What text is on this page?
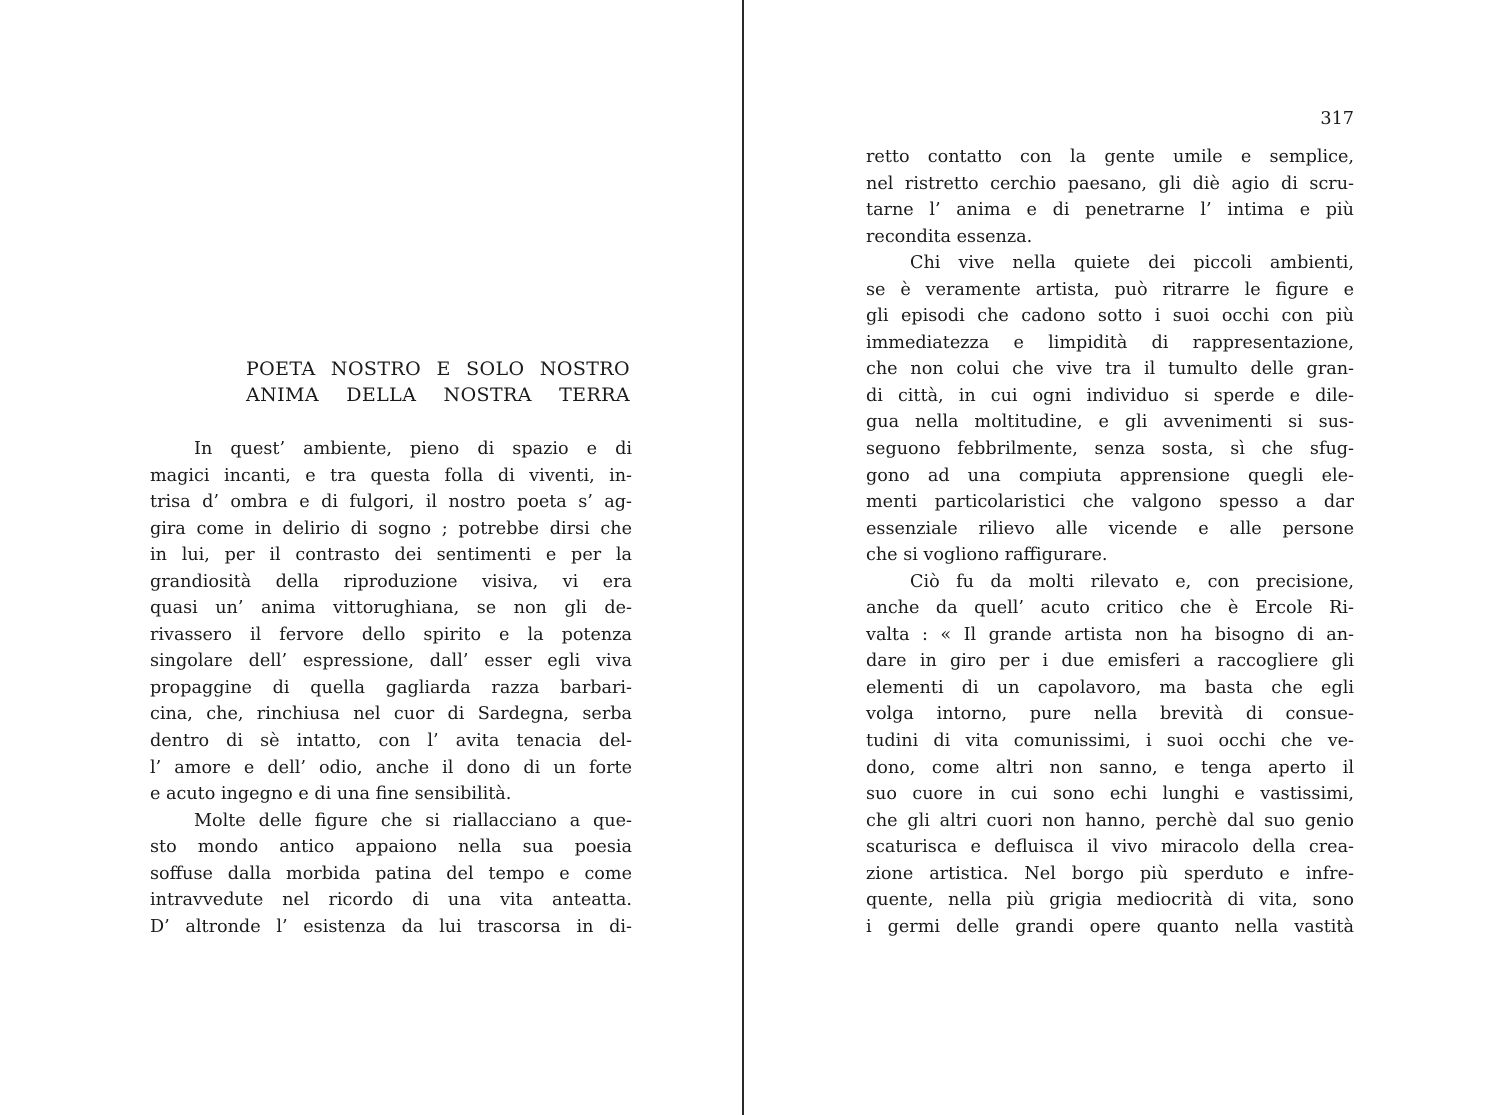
POETA NOSTRO E SOLO NOSTRO
ANIMA DELLA NOSTRA TERRA
In quest’ ambiente, pieno di spazio e di
magici incanti, e tra questa folla di viventi, in-
trisa d’ ombra e di fulgori, il nostro poeta s’ ag-
gira come in delirio di sogno ; potrebbe dirsi che
in lui, per il contrasto dei sentimenti e per la
grandiosità della riproduzione visiva, vi era
quasi un’ anima vittorughiana, se non gli de-
rivassero il fervore dello spirito e la potenza
singolare dell’ espressione, dall’ esser egli viva
propaggine di quella gagliarda razza barbari-
cina, che, rinchiusa nel cuor di Sardegna, serba
dentro di sè intatto, con l’ avita tenacia del-
l’ amore e dell’ odio, anche il dono di un forte
e acuto ingegno e di una fine sensibilità.
Molte delle figure che si riallacciano a que-
sto mondo antico appaiono nella sua poesia
soffuse dalla morbida patina del tempo e come
intravvedute nel ricordo di una vita anteatta.
D’ altronde l’ esistenza da lui trascorsa in di-
317
retto contatto con la gente umile e semplice,
nel ristretto cerchio paesano, gli diè agio di scru-
tarne l’ anima e di penetrarne l’ intima e più
recondita essenza.
Chi vive nella quiete dei piccoli ambienti,
se è veramente artista, può ritrarre le figure e
gli episodi che cadono sotto i suoi occhi con più
immediatezza e limpidità di rappresentazione,
che non colui che vive tra il tumulto delle gran-
di città, in cui ogni individuo si sperde e dile-
gua nella moltitudine, e gli avvenimenti si sus-
seguono febbrilmente, senza sosta, sì che sfug-
gono ad una compiuta apprensione quegli ele-
menti particolaristici che valgono spesso a dar
essenziale rilievo alle vicende e alle persone
che si vogliono raffigurare.
Ciò fu da molti rilevato e, con precisione,
anche da quell’ acuto critico che è Ercole Ri-
valta : « Il grande artista non ha bisogno di an-
dare in giro per i due emisferi a raccogliere gli
elementi di un capolavoro, ma basta che egli
volga intorno, pure nella brevità di consue-
tudini di vita comunissimi, i suoi occhi che ve-
dono, come altri non sanno, e tenga aperto il
suo cuore in cui sono echi lunghi e vastissimi,
che gli altri cuori non hanno, perchè dal suo genio
scaturisca e defluisca il vivo miracolo della crea-
zione artistica. Nel borgo più sperduto e infre-
quente, nella più grigia mediocrità di vita, sono
i germi delle grandi opere quanto nella vastità
